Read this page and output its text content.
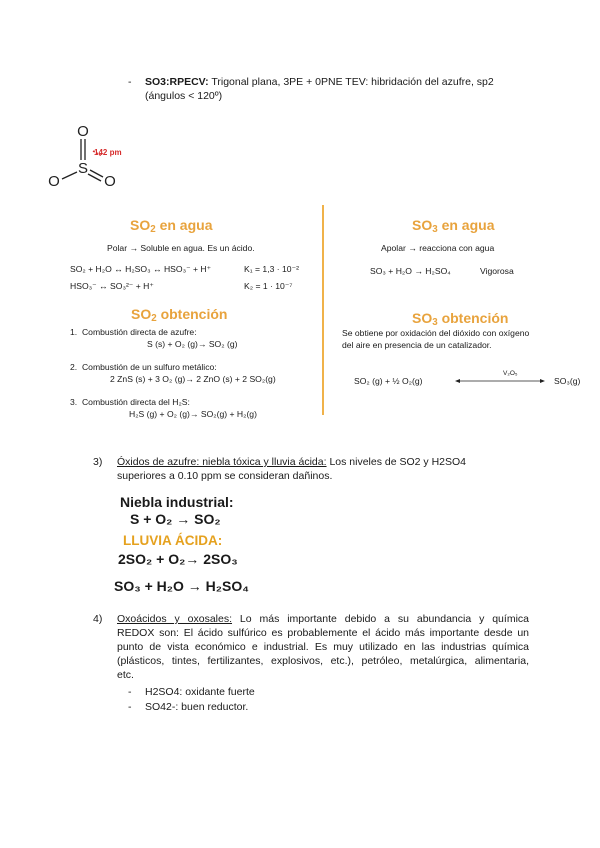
- SO3:RPECV: Trigonal plana, 3PE + 0PNE TEV: hibridación del azufre, sp2
(ángulos < 120º)
O
S
O	O
142 pm
$SO_2$ en agua
Polar → Soluble en agua. Es un ácido.
SO₂ + H₂O ↔ H₂SO₃ ↔ HSO₃⁻ + H⁺	K₁ = 1,3 · 10⁻²
HSO₃⁻ ↔ SO₃²⁻ + H⁺	K₂ = 1 · 10⁻⁷
$SO_3$ en agua
Apolar → reacciona con agua
SO₃ + H₂O → H₂SO₄	Vigorosa
$SO_2$ obtención
1. Combustión directa de azufre:
S (s) + O₂ (g)→ SO₂ (g)
2. Combustión de un sulfuro metálico:
2 ZnS (s) + 3 O₂ (g)→ 2 ZnO (s) + 2 SO₂(g)
3. Combustión directa del H₂S:
H₂S (g) + O₂ (g)→ SO₂(g) + H₂(g)
$SO_3$ obtención
Se obtiene por oxidación del dióxido con oxígeno
del aire en presencia de un catalizador.
SO₂ (g) + ½ O₂(g)
V₂O₅
SO₃(g)
3) Óxidos de azufre: niebla tóxica y lluvia ácida: Los niveles de SO2 y H2SO4
superiores a 0.10 ppm se consideran dañinos.
Niebla industrial:
S + O₂ → SO₂
LLUVIA ÁCIDA:
2SO₂ + O₂→ 2SO₃
SO₃ + H₂O → H₂SO₄
4) Oxoácidos y oxosales: Lo más importante debido a su abundancia y química
REDOX son: El ácido sulfúrico es probablemente el ácido más importante desde un
punto de vista económico e industrial. Es muy utilizado en las industrias química
(plásticos, tintes, fertilizantes, explosivos, etc.), petróleo, metalúrgica, alimentaria,
etc.
- H2SO4: oxidante fuerte
- SO42-: buen reductor.
